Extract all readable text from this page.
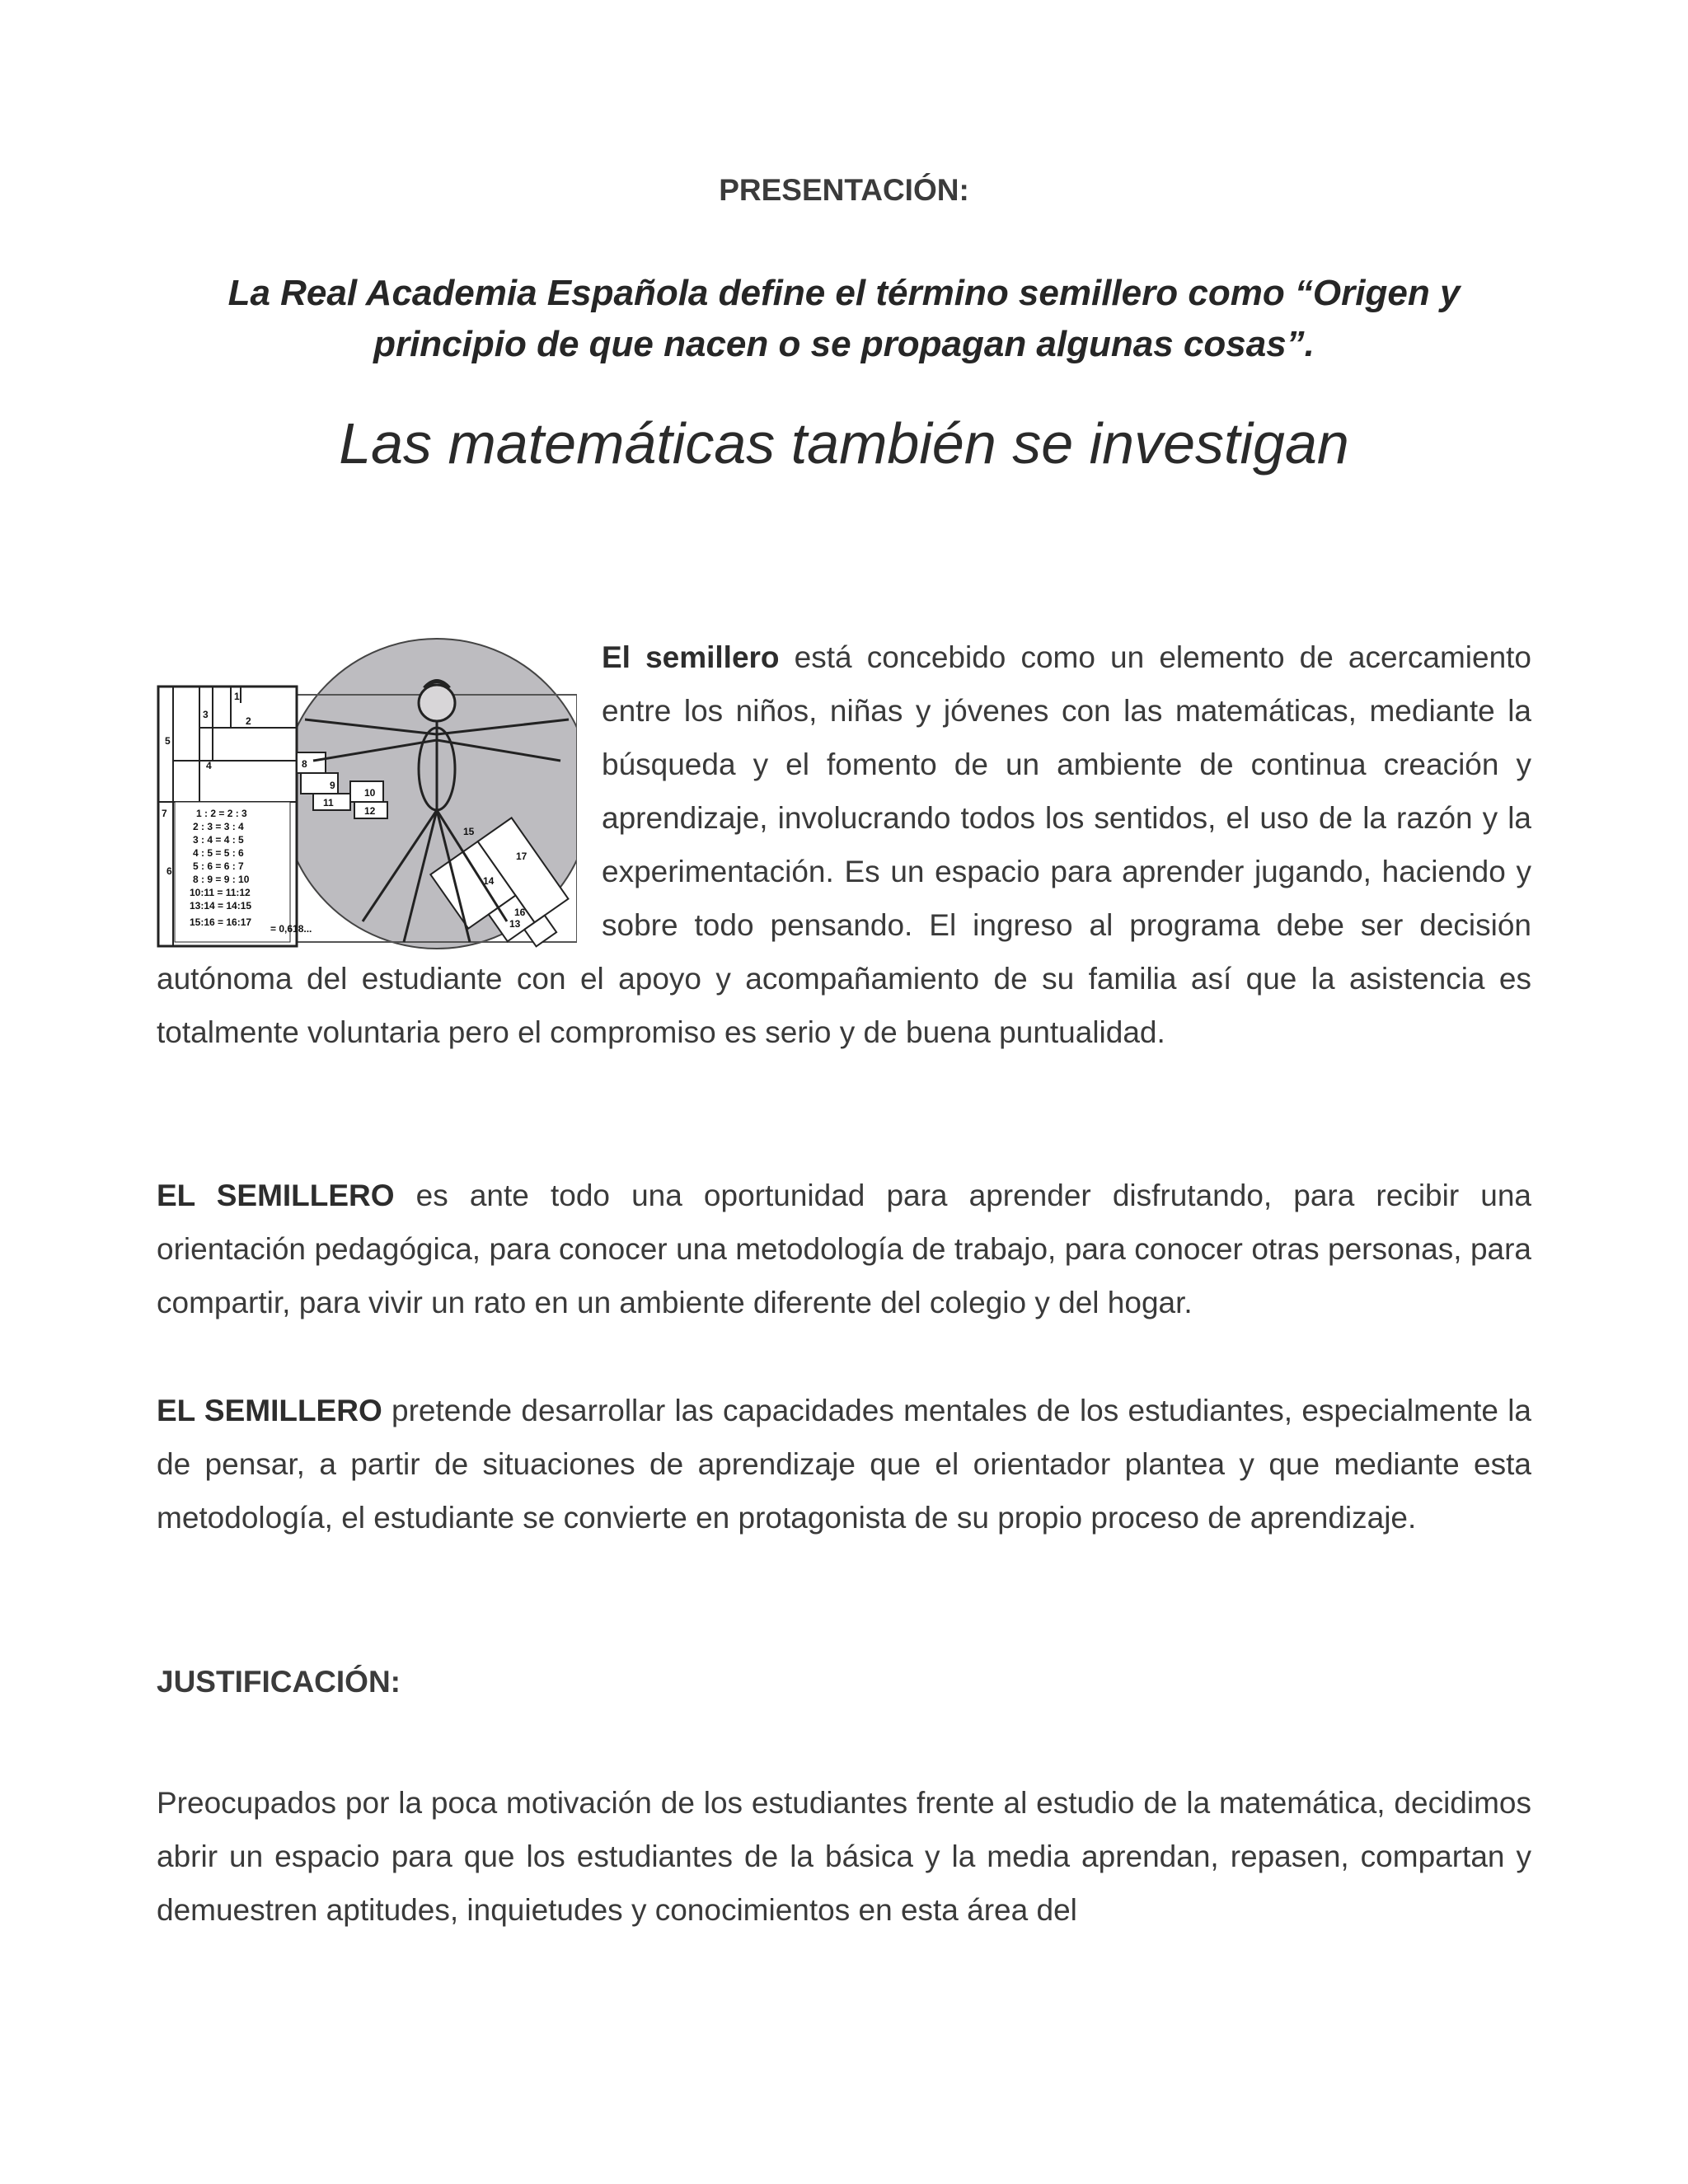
PRESENTACIÓN:
La Real Academia Española define el término semillero como “Origen y principio de que nacen o se propagan algunas cosas”.
Las matemáticas también se investigan
1
2
3
4
5
6
7	1 : 2 = 2 : 3
2 : 3 = 3 : 4
3 : 4 = 4 : 5
4 : 5 = 5 : 6
5 : 6 = 6 : 7
8 : 9 = 9 : 10
10:11 = 11:12
13:14 = 14:15
15:16 = 16:17
= 0,618...
8
9
10
11
12
15
17
14
16
13
El semillero está concebido como un elemento de acercamiento entre los niños, niñas y jóvenes con las matemáticas, mediante la búsqueda y el fomento de un ambiente de continua creación y aprendizaje, involucrando todos los sentidos, el uso de la razón y la experimentación. Es un espacio para aprender jugando, haciendo y sobre todo pensando. El ingreso al programa debe ser decisión autónoma del estudiante con el apoyo y acompañamiento de su familia así que la asistencia es totalmente voluntaria pero el compromiso es serio y de buena puntualidad.
EL SEMILLERO es ante todo una oportunidad para aprender disfrutando, para recibir una orientación pedagógica, para conocer una metodología de trabajo, para conocer otras personas, para compartir, para vivir un rato en un ambiente diferente del colegio y del hogar.
EL SEMILLERO pretende desarrollar las capacidades mentales de los estudiantes, especialmente la de pensar, a partir de situaciones de aprendizaje que el orientador plantea y que mediante esta metodología, el estudiante se convierte en protagonista de su propio proceso de aprendizaje.
JUSTIFICACIÓN:
Preocupados por la poca motivación de los estudiantes frente al estudio de la matemática, decidimos abrir un espacio para que los estudiantes de la básica y la media aprendan, repasen, compartan y demuestren aptitudes, inquietudes y conocimientos en esta área del
